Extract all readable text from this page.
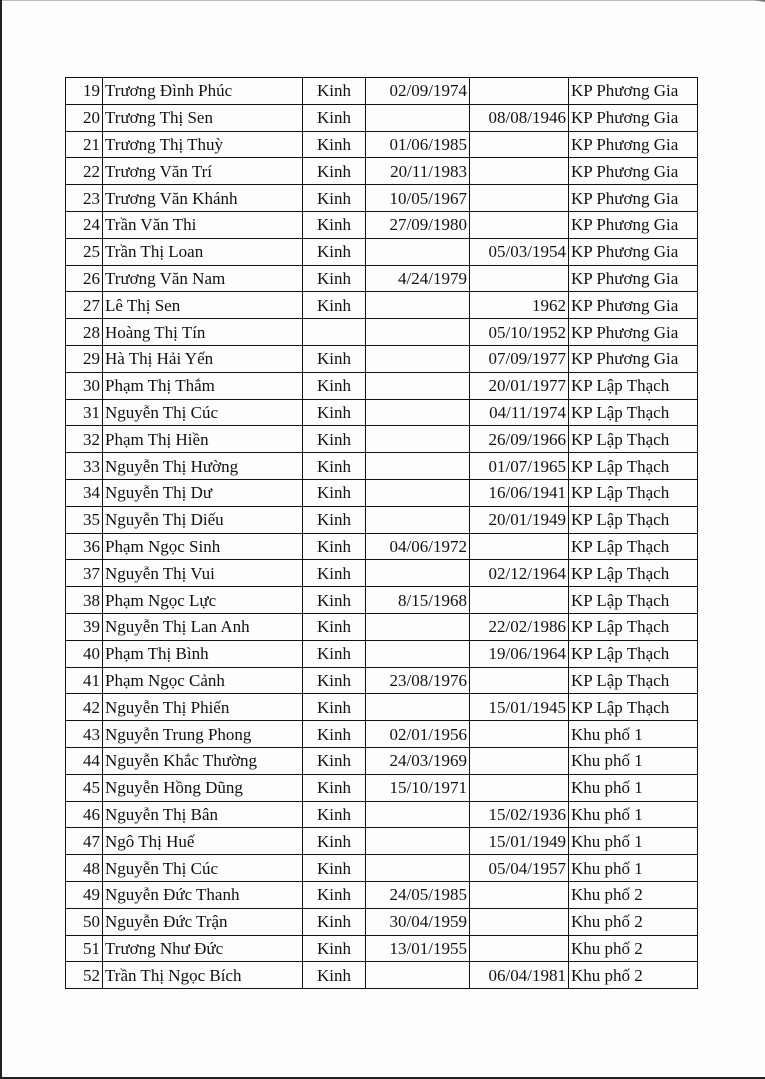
19	Trương Đình Phúc	Kinh	02/09/1974		KP Phương Gia
20	Trương Thị Sen	Kinh		08/08/1946	KP Phương Gia
21	Trương Thị Thuỳ	Kinh	01/06/1985		KP Phương Gia
22	Trương Văn Trí	Kinh	20/11/1983		KP Phương Gia
23	Trương Văn Khánh	Kinh	10/05/1967		KP Phương Gia
24	Trần Văn Thi	Kinh	27/09/1980		KP Phương Gia
25	Trần Thị Loan	Kinh		05/03/1954	KP Phương Gia
26	Trương Văn Nam	Kinh	4/24/1979		KP Phương Gia
27	Lê Thị Sen	Kinh		1962	KP Phương Gia
28	Hoàng Thị Tín			05/10/1952	KP Phương Gia
29	Hà Thị Hải Yến	Kinh		07/09/1977	KP Phương Gia
30	Phạm Thị Thắm	Kinh		20/01/1977	KP Lập Thạch
31	Nguyễn Thị Cúc	Kinh		04/11/1974	KP Lập Thạch
32	Phạm Thị Hiền	Kinh		26/09/1966	KP Lập Thạch
33	Nguyễn Thị Hường	Kinh		01/07/1965	KP Lập Thạch
34	Nguyễn Thị Dư	Kinh		16/06/1941	KP Lập Thạch
35	Nguyễn Thị Diếu	Kinh		20/01/1949	KP Lập Thạch
36	Phạm Ngọc Sinh	Kinh	04/06/1972		KP Lập Thạch
37	Nguyễn Thị Vui	Kinh		02/12/1964	KP Lập Thạch
38	Phạm Ngọc Lực	Kinh	8/15/1968		KP Lập Thạch
39	Nguyễn Thị Lan Anh	Kinh		22/02/1986	KP Lập Thạch
40	Phạm Thị Bình	Kinh		19/06/1964	KP Lập Thạch
41	Phạm Ngọc Cảnh	Kinh	23/08/1976		KP Lập Thạch
42	Nguyễn Thị Phiến	Kinh		15/01/1945	KP Lập Thạch
43	Nguyễn Trung Phong	Kinh	02/01/1956		Khu phố 1
44	Nguyễn Khắc Thường	Kinh	24/03/1969		Khu phố 1
45	Nguyễn Hồng Dũng	Kinh	15/10/1971		Khu phố 1
46	Nguyễn Thị Bân	Kinh		15/02/1936	Khu phố 1
47	Ngô Thị Huế	Kinh		15/01/1949	Khu phố 1
48	Nguyễn Thị Cúc	Kinh		05/04/1957	Khu phố 1
49	Nguyễn Đức Thanh	Kinh	24/05/1985		Khu phố 2
50	Nguyễn Đức Trận	Kinh	30/04/1959		Khu phố 2
51	Trương Như Đức	Kinh	13/01/1955		Khu phố 2
52	Trần Thị Ngọc Bích	Kinh		06/04/1981	Khu phố 2
